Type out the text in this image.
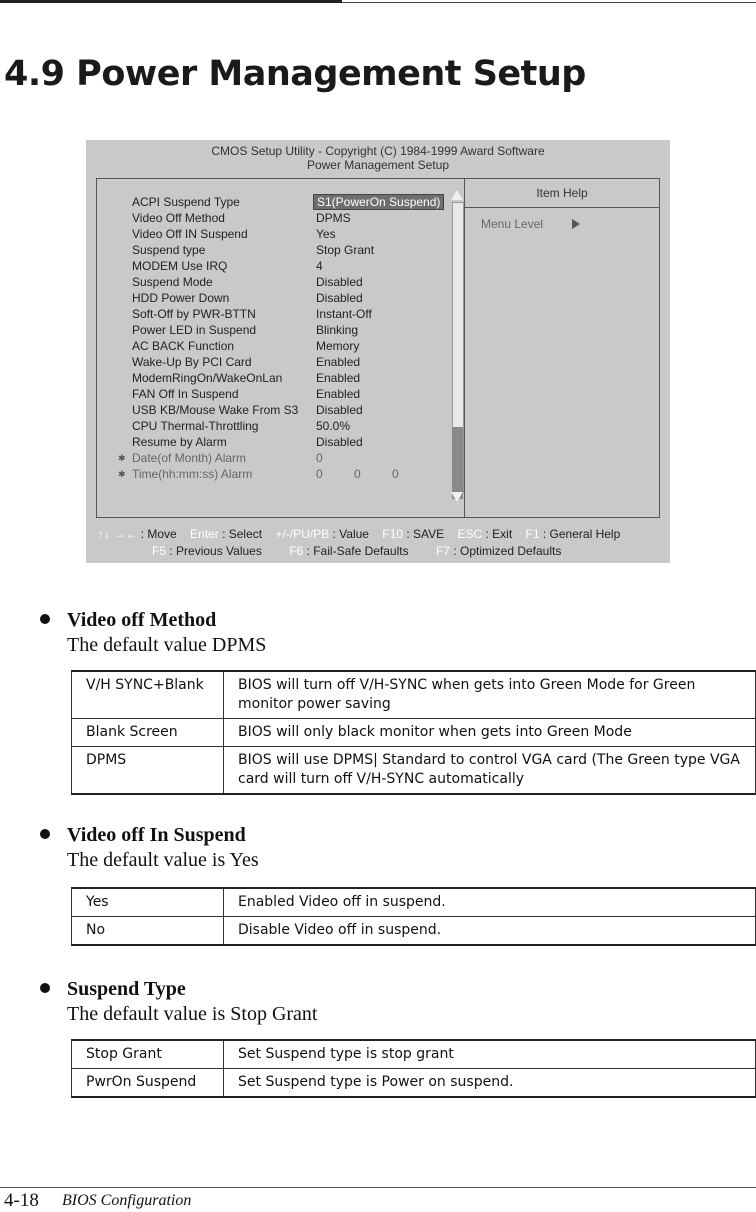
4.9 Power Management Setup
CMOS Setup Utility - Copyright (C) 1984-1999 Award Software
Power Management Setup
ACPI Suspend Type	S1(PowerOn Suspend)
Video Off Method	DPMS
Video Off IN Suspend	Yes
Suspend type	Stop Grant
MODEM Use IRQ	4
Suspend Mode	Disabled
HDD Power Down	Disabled
Soft-Off by PWR-BTTN	Instant-Off
Power LED in Suspend	Blinking
AC BACK Function	Memory
Wake-Up By PCI Card	Enabled
ModemRingOn/WakeOnLan	Enabled
FAN Off In Suspend	Enabled
USB KB/Mouse Wake From S3 Disabled
CPU Thermal-Throttling	50.0%
Resume by Alarm	Disabled
✱ Date(of Month) Alarm	0
✱ Time(hh:mm:ss) Alarm	0	0	0
Item Help
Menu Level
↑↓ →← : Move Enter : Select +/-/PU/PB : Value F10 : SAVE ESC : Exit F1 : General Help
F5 : Previous Values F6 : Fail-Safe Defaults F7 : Optimized Defaults
Video off Method
The default value DPMS
V/H SYNC+Blank	BIOS will turn off V/H-SYNC when gets into Green Mode for Green monitor power saving
Blank Screen	BIOS will only black monitor when gets into Green Mode
DPMS	BIOS will use DPMS| Standard to control VGA card (The Green type VGA card will turn off V/H-SYNC automatically
Video off In Suspend
The default value is Yes
Yes	Enabled Video off in suspend.
No	Disable Video off in suspend.
Suspend Type
The default value is Stop Grant
Stop Grant	Set Suspend type is stop grant
PwrOn Suspend	Set Suspend type is Power on suspend.
4-18 BIOS Configuration
